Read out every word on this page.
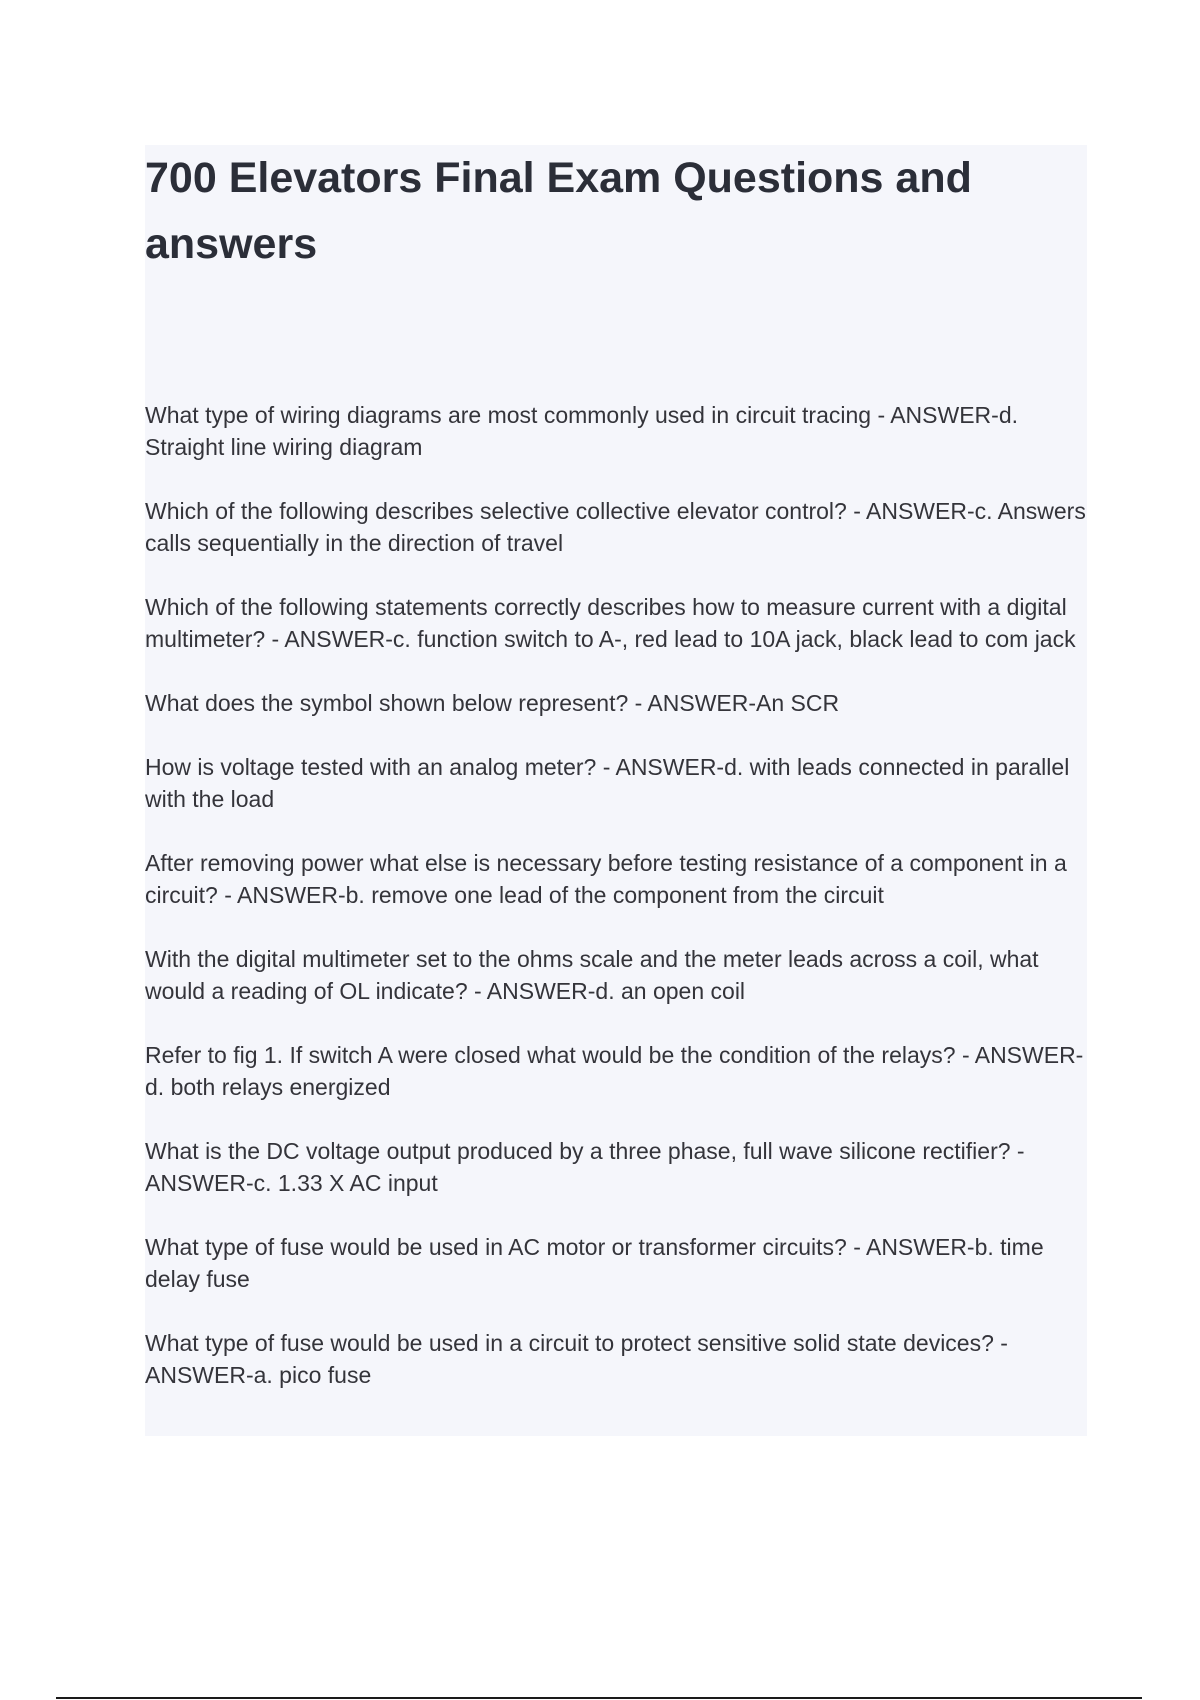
700 Elevators Final Exam Questions and answers
What type of wiring diagrams are most commonly used in circuit tracing - ANSWER-d. Straight line wiring diagram
Which of the following describes selective collective elevator control? - ANSWER-c. Answers calls sequentially in the direction of travel
Which of the following statements correctly describes how to measure current with a digital multimeter? - ANSWER-c. function switch to A-, red lead to 10A jack, black lead to com jack
What does the symbol shown below represent? - ANSWER-An SCR
How is voltage tested with an analog meter? - ANSWER-d. with leads connected in parallel with the load
After removing power what else is necessary before testing resistance of a component in a circuit? - ANSWER-b. remove one lead of the component from the circuit
With the digital multimeter set to the ohms scale and the meter leads across a coil, what would a reading of OL indicate? - ANSWER-d. an open coil
Refer to fig 1. If switch A were closed what would be the condition of the relays? - ANSWER-d. both relays energized
What is the DC voltage output produced by a three phase, full wave silicone rectifier? - ANSWER-c. 1.33 X AC input
What type of fuse would be used in AC motor or transformer circuits? - ANSWER-b. time delay fuse
What type of fuse would be used in a circuit to protect sensitive solid state devices? - ANSWER-a. pico fuse
